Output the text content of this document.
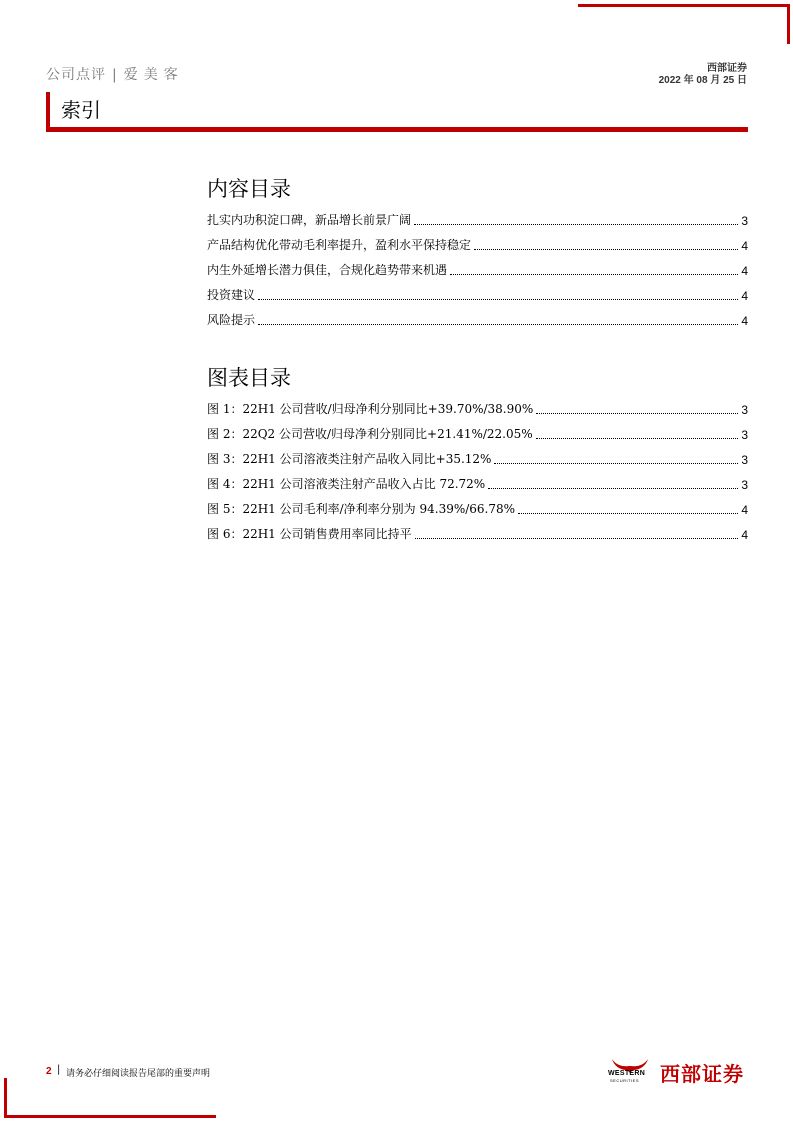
公司点评 | 爱美客	西部证券
2022 年 08 月 25 日
索引
内容目录
扎实内功积淀口碑，新品增长前景广阔	3
产品结构优化带动毛利率提升，盈利水平保持稳定	4
内生外延增长潜力俱佳，合规化趋势带来机遇	4
投资建议	4
风险提示	4
图表目录
图 1：22H1 公司营收/归母净利分别同比+39.70%/38.90%	3
图 2：22Q2 公司营收/归母净利分别同比+21.41%/22.05%	3
图 3：22H1 公司溶液类注射产品收入同比+35.12%	3
图 4：22H1 公司溶液类注射产品收入占比 72.72%	3
图 5：22H1 公司毛利率/净利率分别为 94.39%/66.78%	4
图 6：22H1 公司销售费用率同比持平	4
2 | 请务必仔细阅读报告尾部的重要声明	WESTERN
SECURITIES 西部证券
